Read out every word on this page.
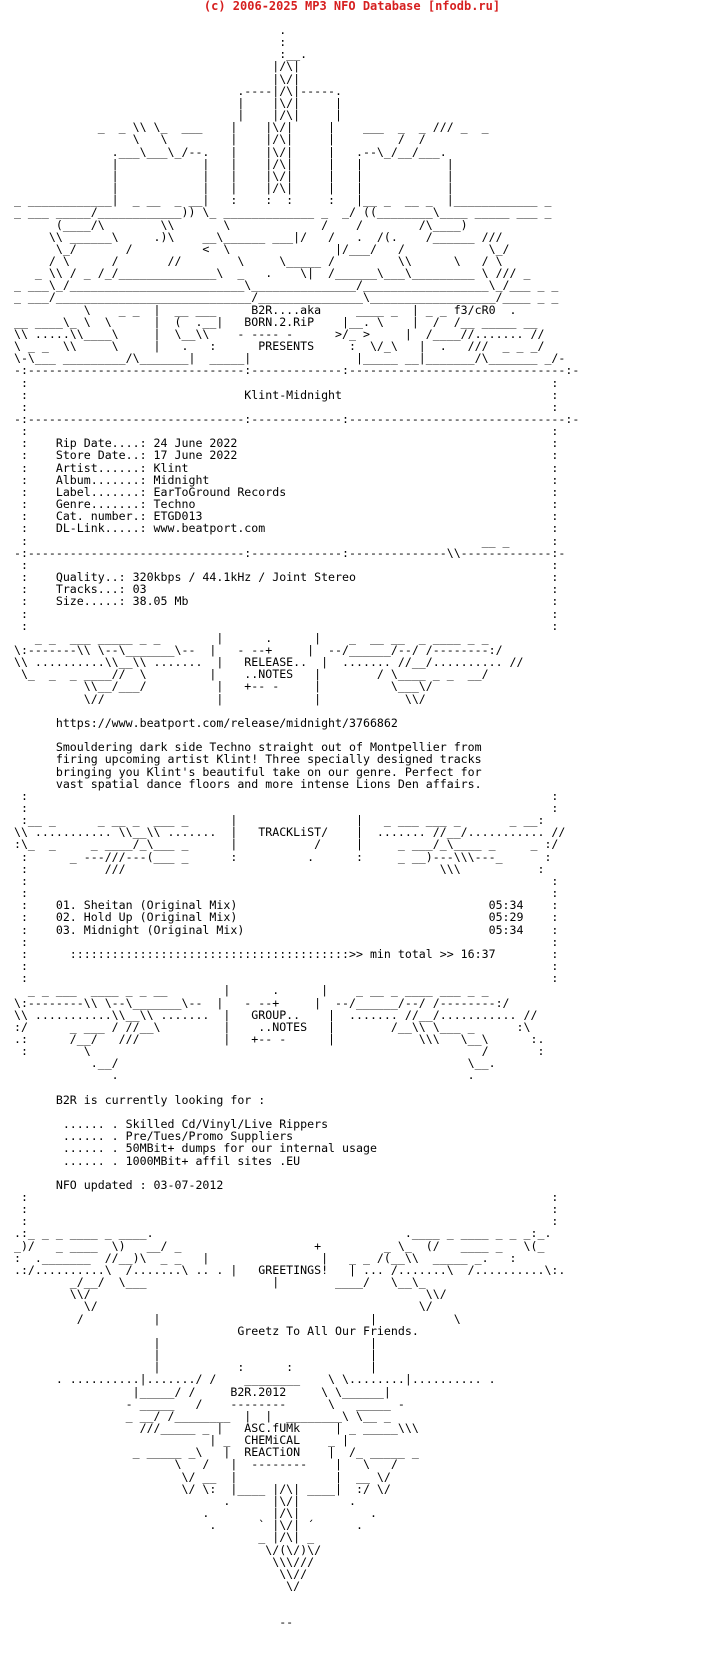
(c) 2006-2025 MP3 NFO Database [nfodb.ru]
.
:
:__.
|/\|
|\/|
.----|/\|-----.
|    |\/|     |
|    |/\|     |
_  _ \\ \_  ___    |    |\/|     |    ___  _  _ /// _  _
\   \         |    |/\|     |         /  /
.___\___\_/--.   |    |\/|     |   .--\_/__/___.
|            |   |    |/\|     |   |            |
|            |   |    |\/|     |   |            |
|            |   |    |/\|     |   |            |
_ ____________|  _ __  _ __|   :    :  :     :   |__ _  __ _  |____________ _
_ ___ _____/____________)) \_ _____________ _  _/ ((________\____ _____ ___ _
(____/\        \\       \             /    /        /\____)
\\ ______\     .)\    __\______ ___|/   /   .  /(.    /______ ///
\_/       /          <  \               |/___/   /            \_/
/ \      /       //        \     \_____ /         \\      \   / \
_ \\ / _ /_/______________\  _   .    \|  /______\___\_________ \ /// _
_ ___\_/_________________________\_______________/__________________\_/___ _ _
_ ___/____________________________/_______________\__________________/____ _ _
\    _ _  |  __ ___     B2R....aka     ____ _  | _ _ f3/cR0  .
__ ____\_ \  \      |  (  .__|   BORN.2.RiP    |__. \    |  /  /__ _____ __
\\ .....\\____\     |  \__\\    - ---- -      >/_ >     |  /____//....... //
\ _ _  \\     \     |   .   :      PRESENTS     :  \/_\   |  .   ///  _ _ _/
\-\___ _________/\_______|  _____|               |_____ __|_______/\_______ _/-
-:-------------------------------:-------------:-------------------------------:-
:                                                                           :
:                               Klint-Midnight                              :
:                                                                           :
-:-------------------------------:-------------:-------------------------------:-
:                                                                           :
:    Rip Date....: 24 June 2022                                             :
:    Store Date..: 17 June 2022                                             :
:    Artist......: Klint                                                    :
:    Album.......: Midnight                                                 :
:    Label.......: EarToGround Records                                      :
:    Genre.......: Techno                                                   :
:    Cat. number.: ETGD013                                                  :
:    DL-Link.....: www.beatport.com                                         :
:                                                                 __ _      :
-:-------------------------------:-------------:--------------\\-------------:-
:                                                                           :
:    Quality..: 320kbps / 44.1kHz / Joint Stereo                            :
:    Tracks...: 03                                                          :
:    Size.....: 38.05 Mb                                                    :
:                                                                           :
:                                                                           :
_ _  ___ _____ _ _        |      .      |    _  __ __  _ ____ _ _
\:-------\\ \--\_______\--  |   - --+     |  --/______/--/ /--------:/
\\ ..........\\__\\ .......  |   RELEASE..  |  ....... //__/.......... //
\_  _  _ ____//  \         |    ..NOTES   |        / \____ _ _  __/
\\__/___/          |   +-- -     |          \___\/
\//                |             |            \\/

https://www.beatport.com/release/midnight/3766862

Smouldering dark side Techno straight out of Montpellier from
firing upcoming artist Klint! Three specially designed tracks
bringing you Klint's beautiful take on our genre. Perfect for
vast spatial dance floors and more intense Lions Den affairs.
:                                                                           :
:                                                                           :
:__ _      _ __ _  ___ _      |                 |   _ ___ ___ _       _ __:
\\ ........... \\__\\ .......  |   TRACKLiST/    |  ....... //__/........... //
:\_  _     _ ____/_\___ _      |           /     |     _ ___/_\____ _     _ :/
:      _ ---///---(___ _      :          .      :     _ __)---\\\---_      :
:           ///                                             \\\           :
:                                                                           :
:                                                                           :
:    01. Sheitan (Original Mix)                                    05:34    :
:    02. Hold Up (Original Mix)                                    05:29    :
:    03. Midnight (Original Mix)                                   05:34    :
:                                                                           :
:      ::::::::::::::::::::::::::::::::::::::::>> min total >> 16:37        :
:                                                                           :
:                                                                           :
_ _ ___  ____ _ _ __        |      .      |    _ __ _ ____ ___ _ _
\:--------\\ \--\_______\--  |   - --+     |  --/______/--/ /--------:/
\\ ...........\\__\\ .......  |   GROUP..    |  ....... //__/........... //
:/      _ ___ / //__\         |    ..NOTES   |        /__\\ \___ _      :\
.:      /__/   ///            |   +-- -      |            \\\   \__\      :.
:        \                                                        /       :
.__/                                                  \__.
.                                                  .

B2R is currently looking for :

...... . Skilled Cd/Vinyl/Live Rippers
...... . Pre/Tues/Promo Suppliers
...... . 50MBit+ dumps for our internal usage
...... . 1000MBit+ affil sites .EU

NFO updated : 03-07-2012
:                                                                           :
:                                                                           :
:                                                                           :
.:_ _ _ ____ _ ____.                                    .____ _ ____ _ _ _:_.
_)/   _ ____  \)   __/ _                   +         _ \_  (/   ____ _   \(_
:  ._______  //__)\  _ _   |                |   _ _ /(__\\  _____ _.   :
.:/..........\  /.......\ .. . |   GREETINGS!   | ... /.......\  /..........\:.
_/__/  \___                  |        ____/   \__\_
\\/                                                \\/
\/                                              \/
/          |                              |           \
Greetz To All Our Friends.
|                              |
|                              |
|           :      :           |
. ..........|......./ /    ________    \ \........|.......... .
|_____/ /     B2R.2012     \ \______|
- _____   /    --------      \   _____ -
_ __/ /________  |  |  ________\ \__ _
///_____ _ |   ASC.fUMk     | _ _____\\\
| _  CHEMiCAL    _ |
_ _____ _\   |  REACTiON    |  /_ _____ _
\   /   |  --------    |   \   /
\/ __  |              |  __ \/
\/ \:  |____ |/\| ____|  :/ \/
.      |\/|       .
.         |/\|          .
.      ` |\/| ´      .
_ |/\| _
\/(\/)\/
\\\///
\\//
\/

--
